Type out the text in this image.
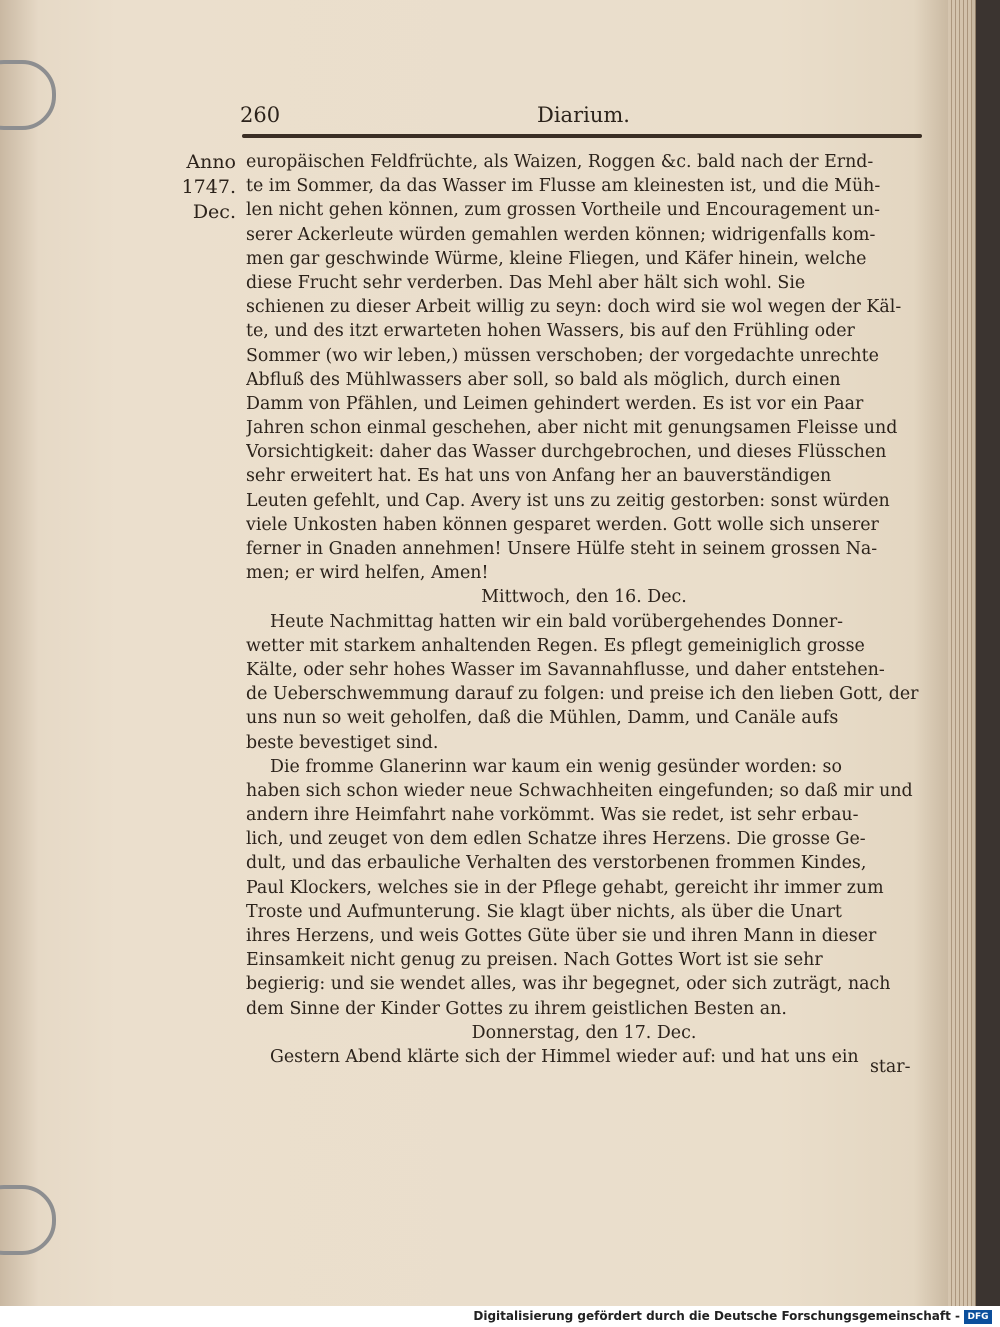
260	Diarium.
Anno
1747.
Dec.
europäischen Feldfrüchte, als Waizen, Roggen &c. bald nach der Ernd-
te im Sommer, da das Wasser im Flusse am kleinesten ist, und die Müh-
len nicht gehen können, zum grossen Vortheile und Encouragement un-
serer Ackerleute würden gemahlen werden können; widrigenfalls kom-
men gar geschwinde Würme, kleine Fliegen, und Käfer hinein, welche
diese Frucht sehr verderben. Das Mehl aber hält sich wohl. Sie
schienen zu dieser Arbeit willig zu seyn: doch wird sie wol wegen der Käl-
te, und des itzt erwarteten hohen Wassers, bis auf den Frühling oder
Sommer (wo wir leben,) müssen verschoben; der vorgedachte unrechte
Abfluß des Mühlwassers aber soll, so bald als möglich, durch einen
Damm von Pfählen, und Leimen gehindert werden. Es ist vor ein Paar
Jahren schon einmal geschehen, aber nicht mit genungsamen Fleisse und
Vorsichtigkeit: daher das Wasser durchgebrochen, und dieses Flüsschen
sehr erweitert hat. Es hat uns von Anfang her an bauverständigen
Leuten gefehlt, und Cap. Avery ist uns zu zeitig gestorben: sonst würden
viele Unkosten haben können gesparet werden. Gott wolle sich unserer
ferner in Gnaden annehmen! Unsere Hülfe steht in seinem grossen Na-
men; er wird helfen, Amen!
Mittwoch, den 16. Dec.
Heute Nachmittag hatten wir ein bald vorübergehendes Donner-
wetter mit starkem anhaltenden Regen. Es pflegt gemeiniglich grosse
Kälte, oder sehr hohes Wasser im Savannahflusse, und daher entstehen-
de Ueberschwemmung darauf zu folgen: und preise ich den lieben Gott, der
uns nun so weit geholfen, daß die Mühlen, Damm, und Canäle aufs
beste bevestiget sind.
Die fromme Glanerinn war kaum ein wenig gesünder worden: so
haben sich schon wieder neue Schwachheiten eingefunden; so daß mir und
andern ihre Heimfahrt nahe vorkömmt. Was sie redet, ist sehr erbau-
lich, und zeuget von dem edlen Schatze ihres Herzens. Die grosse Ge-
dult, und das erbauliche Verhalten des verstorbenen frommen Kindes,
Paul Klockers, welches sie in der Pflege gehabt, gereicht ihr immer zum
Troste und Aufmunterung. Sie klagt über nichts, als über die Unart
ihres Herzens, und weis Gottes Güte über sie und ihren Mann in dieser
Einsamkeit nicht genug zu preisen. Nach Gottes Wort ist sie sehr
begierig: und sie wendet alles, was ihr begegnet, oder sich zuträgt, nach
dem Sinne der Kinder Gottes zu ihrem geistlichen Besten an.
Donnerstag, den 17. Dec.
Gestern Abend klärte sich der Himmel wieder auf: und hat uns ein
star-
Digitalisierung gefördert durch die Deutsche Forschungsgemeinschaft - DFG
